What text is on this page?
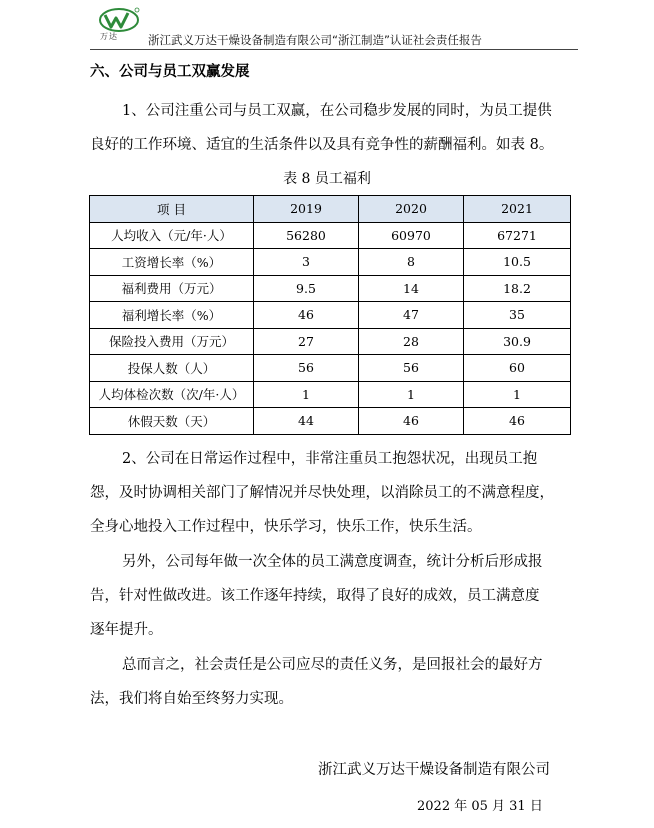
万达	浙江武义万达干燥设备制造有限公司“浙江制造”认证社会责任报告
六、公司与员工双赢发展

1、公司注重公司与员工双赢，在公司稳步发展的同时，为员工提供
良好的工作环境、适宜的生活条件以及具有竞争性的薪酬福利。如表 8。

表 8 员工福利
项 目	2019	2020	2021
人均收入（元/年·人）	56280	60970	67271
工资增长率（%）	3	8	10.5
福利费用（万元）	9.5	14	18.2
福利增长率（%）	46	47	35
保险投入费用（万元）	27	28	30.9
投保人数（人）	56	56	60
人均体检次数（次/年·人）	1	1	1
休假天数（天）	44	46	46

2、公司在日常运作过程中，非常注重员工抱怨状况，出现员工抱
怨，及时协调相关部门了解情况并尽快处理，以消除员工的不满意程度，
全身心地投入工作过程中，快乐学习，快乐工作，快乐生活。

另外，公司每年做一次全体的员工满意度调查，统计分析后形成报
告，针对性做改进。该工作逐年持续，取得了良好的成效，员工满意度
逐年提升。

总而言之，社会责任是公司应尽的责任义务，是回报社会的最好方
法，我们将自始至终努力实现。

浙江武义万达干燥设备制造有限公司
2022 年 05 月 31 日
